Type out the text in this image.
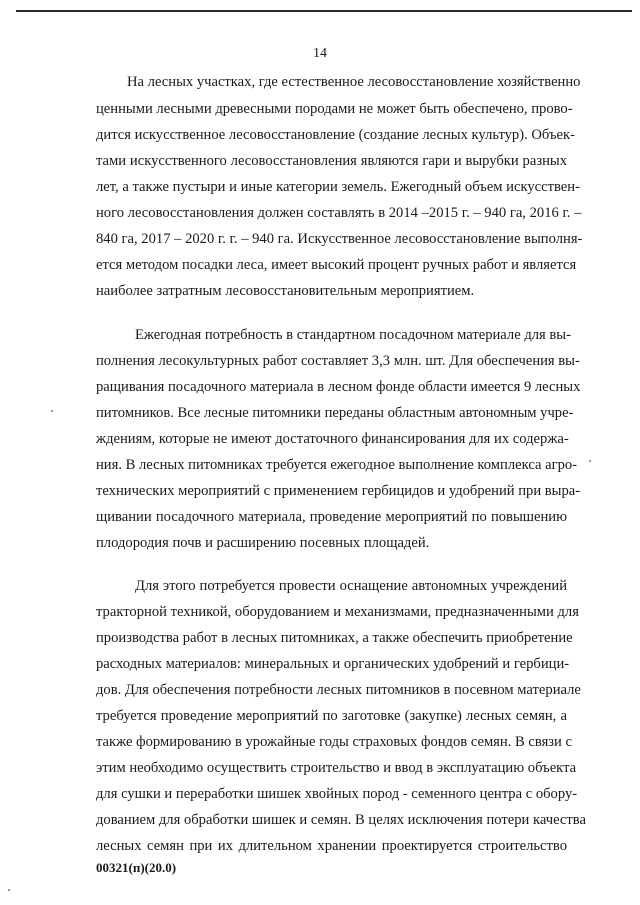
14
На лесных участках, где естественное лесовосстановление хозяйственно
ценными лесными древесными породами не может быть обеспечено, прово-
дится искусственное лесовосстановление (создание лесных культур). Объек-
тами искусственного лесовосстановления являются гари и вырубки разных
лет, а также пустыри и иные категории земель. Ежегодный объем искусствен-
ного лесовосстановления должен составлять в 2014 –2015 г. – 940 га, 2016 г. –
840 га, 2017 – 2020 г. г. – 940 га. Искусственное лесовосстановление выполня-
ется методом посадки леса, имеет высокий процент ручных работ и является
наиболее затратным лесовосстановительным мероприятием.
Ежегодная потребность в стандартном посадочном материале для вы-
полнения лесокультурных работ составляет 3,3 млн. шт. Для обеспечения вы-
ращивания посадочного материала в лесном фонде области имеется 9 лесных
питомников. Все лесные питомники переданы областным автономным учре-
ждениям, которые не имеют достаточного финансирования для их содержа-
ния. В лесных питомниках требуется ежегодное выполнение комплекса агро-
технических мероприятий с применением гербицидов и удобрений при выра-
щивании посадочного материала, проведение мероприятий по повышению
плодородия почв и расширению посевных площадей.
Для этого потребуется провести оснащение автономных учреждений
тракторной техникой, оборудованием и механизмами, предназначенными для
производства работ в лесных питомниках, а также обеспечить приобретение
расходных материалов: минеральных и органических удобрений и гербици-
дов. Для обеспечения потребности лесных питомников в посевном материале
требуется проведение мероприятий по заготовке (закупке) лесных семян, а
также формированию в урожайные годы страховых фондов семян. В связи с
этим необходимо осуществить строительство и ввод в эксплуатацию объекта
для сушки и переработки шишек хвойных пород - семенного центра с обору-
дованием для обработки шишек и семян. В целях исключения потери качества
лесных семян при их длительном хранении проектируется строительство
00321(п)(20.0)
